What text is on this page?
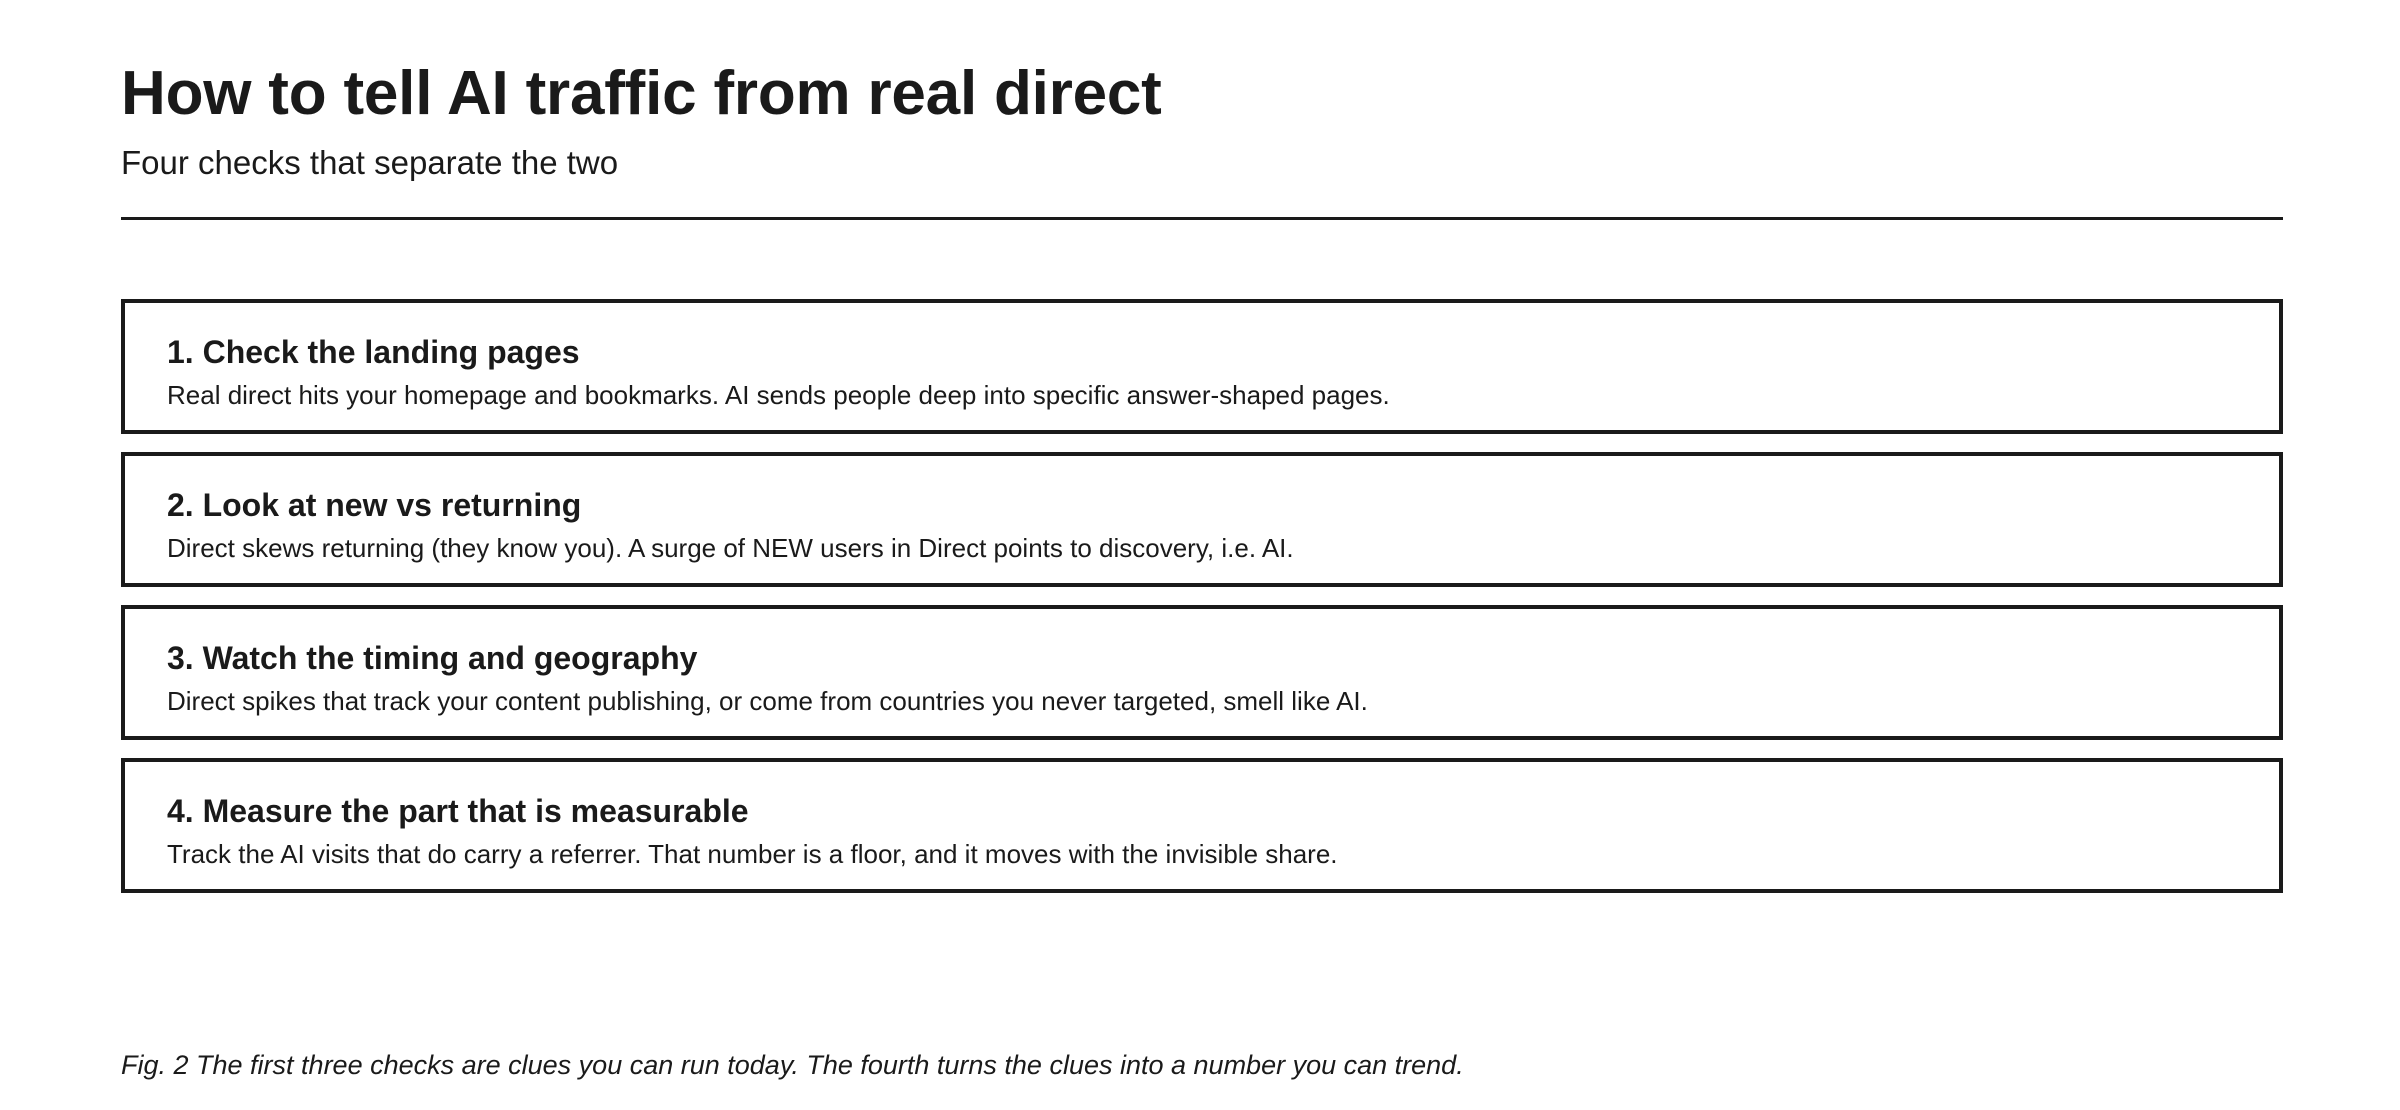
How to tell AI traffic from real direct

Four checks that separate the two

1. Check the landing pages

Real direct hits your homepage and bookmarks. AI sends people deep into specific answer-shaped pages.

2. Look at new vs returning

Direct skews returning (they know you). A surge of NEW users in Direct points to discovery, i.e. AI.

3. Watch the timing and geography

Direct spikes that track your content publishing, or come from countries you never targeted, smell like AI.

4. Measure the part that is measurable

Track the AI visits that do carry a referrer. That number is a floor, and it moves with the invisible share.

Fig. 2 The first three checks are clues you can run today. The fourth turns the clues into a number you can trend.
